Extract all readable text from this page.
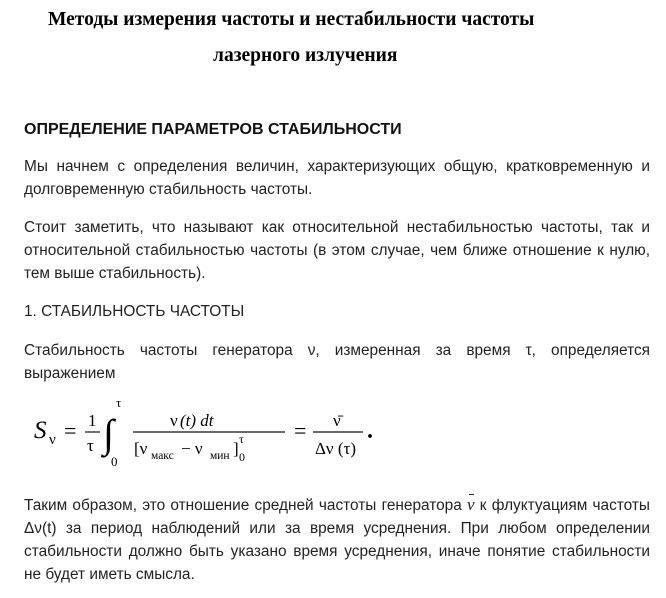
Методы измерения частоты и нестабильности частоты
лазерного излучения
ОПРЕДЕЛЕНИЕ ПАРАМЕТРОВ СТАБИЛЬНОСТИ
Мы начнем с определения величин, характеризующих общую, кратковременную и долговременную стабильность частоты.
Стоит заметить, что называют как относительной нестабильностью частоты, так и относительной стабильностью частоты (в этом случае, чем ближе отношение к нулю, тем выше стабильность).
1. СТАБИЛЬНОСТЬ ЧАСТОТЫ
Стабильность частоты генератора ν, измеренная за время τ, определяется выражением
S ν = 1
τ
τ
∫
0
ν (t) dt
[ν макс − ν мин ] τ
0
= ν̄
Δν (τ)
.
Таким образом, это отношение средней частоты генератора
ν к флуктуациям частоты Δν(t) за период наблюдений или за время усреднения. При любом определении стабильности должно быть указано время усреднения, иначе понятие стабильности не будет иметь смысла.
